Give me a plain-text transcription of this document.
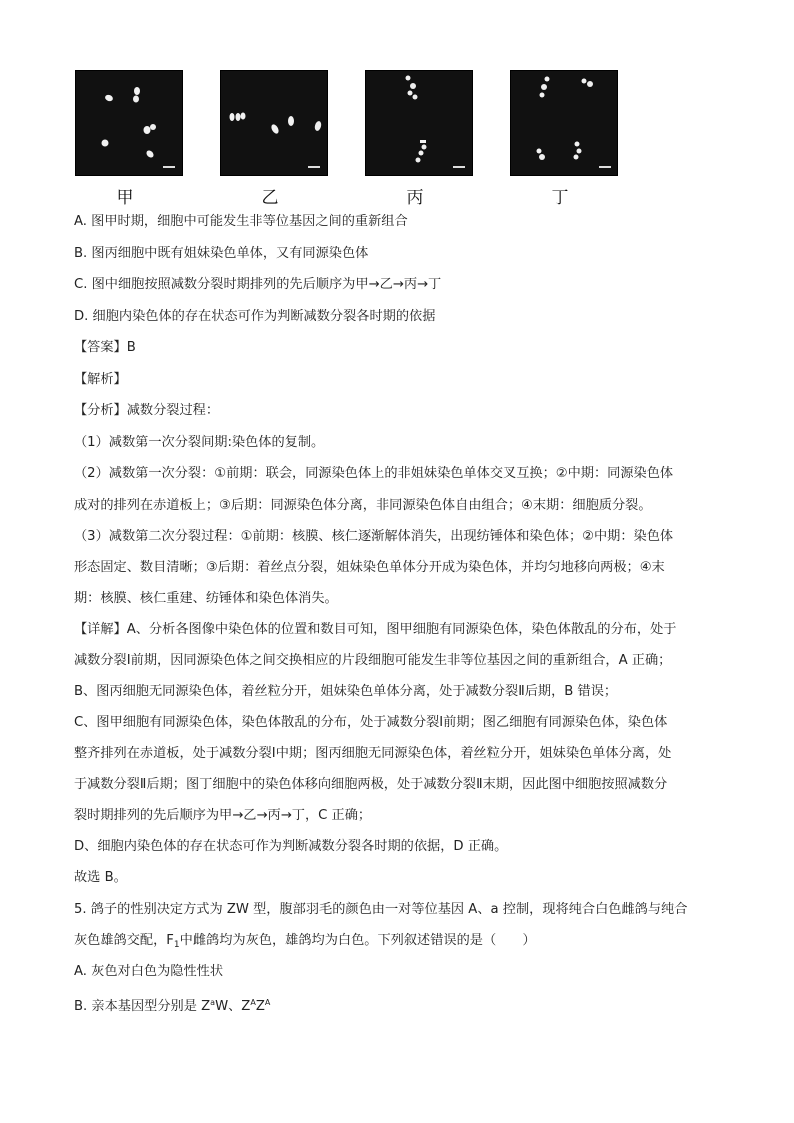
甲	乙	丙	丁
A. 图甲时期，细胞中可能发生非等位基因之间的重新组合
B. 图丙细胞中既有姐妹染色单体，又有同源染色体
C. 图中细胞按照减数分裂时期排列的先后顺序为甲→乙→丙→丁
D. 细胞内染色体的存在状态可作为判断减数分裂各时期的依据
【答案】B
【解析】
【分析】减数分裂过程：
（1）减数第一次分裂间期:染色体的复制。
（2）减数第一次分裂：①前期：联会，同源染色体上的非姐妹染色单体交叉互换；②中期：同源染色体
成对的排列在赤道板上；③后期：同源染色体分离，非同源染色体自由组合；④末期：细胞质分裂。
（3）减数第二次分裂过程：①前期：核膜、核仁逐渐解体消失，出现纺锤体和染色体；②中期：染色体
形态固定、数目清晰；③后期：着丝点分裂，姐妹染色单体分开成为染色体，并均匀地移向两极；④末
期：核膜、核仁重建、纺锤体和染色体消失。
【详解】A、分析各图像中染色体的位置和数目可知，图甲细胞有同源染色体，染色体散乱的分布，处于
减数分裂Ⅰ前期，因同源染色体之间交换相应的片段细胞可能发生非等位基因之间的重新组合，A 正确；
B、图丙细胞无同源染色体，着丝粒分开，姐妹染色单体分离，处于减数分裂Ⅱ后期，B 错误；
C、图甲细胞有同源染色体，染色体散乱的分布，处于减数分裂Ⅰ前期；图乙细胞有同源染色体，染色体
整齐排列在赤道板，处于减数分裂Ⅰ中期；图丙细胞无同源染色体，着丝粒分开，姐妹染色单体分离，处
于减数分裂Ⅱ后期；图丁细胞中的染色体移向细胞两极，处于减数分裂Ⅱ末期，因此图中细胞按照减数分
裂时期排列的先后顺序为甲→乙→丙→丁，C 正确；
D、细胞内染色体的存在状态可作为判断减数分裂各时期的依据，D 正确。
故选 B。
5. 鸽子的性别决定方式为 ZW 型，腹部羽毛的颜色由一对等位基因 A、a 控制，现将纯合白色雌鸽与纯合
灰色雄鸽交配，$F_1$中雌鸽均为灰色，雄鸽均为白色。下列叙述错误的是（　　）
A. 灰色对白色为隐性性状
B. 亲本基因型分别是 $Z^aW$、$Z^AZ^A$
